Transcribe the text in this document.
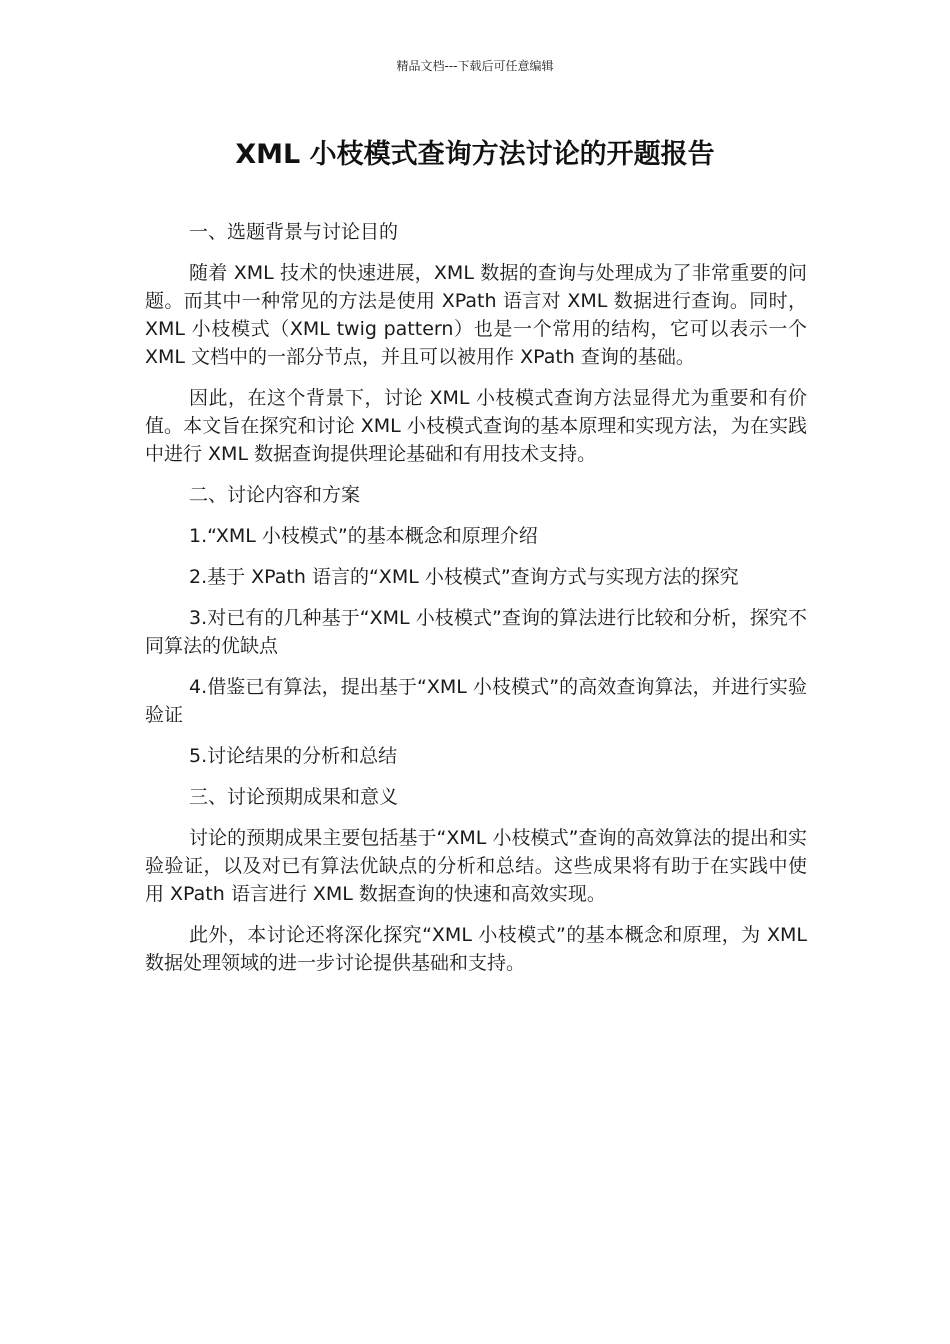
精品文档---下载后可任意编辑
XML 小枝模式查询方法讨论的开题报告

一、选题背景与讨论目的

随着 XML 技术的快速进展，XML 数据的查询与处理成为了非常重要的问题。而其中一种常见的方法是使用 XPath 语言对 XML 数据进行查询。同时，XML 小枝模式（XML twig pattern）也是一个常用的结构，它可以表示一个 XML 文档中的一部分节点，并且可以被用作 XPath 查询的基础。

因此，在这个背景下，讨论 XML 小枝模式查询方法显得尤为重要和有价值。本文旨在探究和讨论 XML 小枝模式查询的基本原理和实现方法，为在实践中进行 XML 数据查询提供理论基础和有用技术支持。

二、讨论内容和方案

1.“XML 小枝模式”的基本概念和原理介绍

2.基于 XPath 语言的“XML 小枝模式”查询方式与实现方法的探究

3.对已有的几种基于“XML 小枝模式”查询的算法进行比较和分析，探究不同算法的优缺点

4.借鉴已有算法，提出基于“XML 小枝模式”的高效查询算法，并进行实验验证

5.讨论结果的分析和总结

三、讨论预期成果和意义

讨论的预期成果主要包括基于“XML 小枝模式”查询的高效算法的提出和实验验证，以及对已有算法优缺点的分析和总结。这些成果将有助于在实践中使用 XPath 语言进行 XML 数据查询的快速和高效实现。

此外，本讨论还将深化探究“XML 小枝模式”的基本概念和原理，为 XML 数据处理领域的进一步讨论提供基础和支持。
